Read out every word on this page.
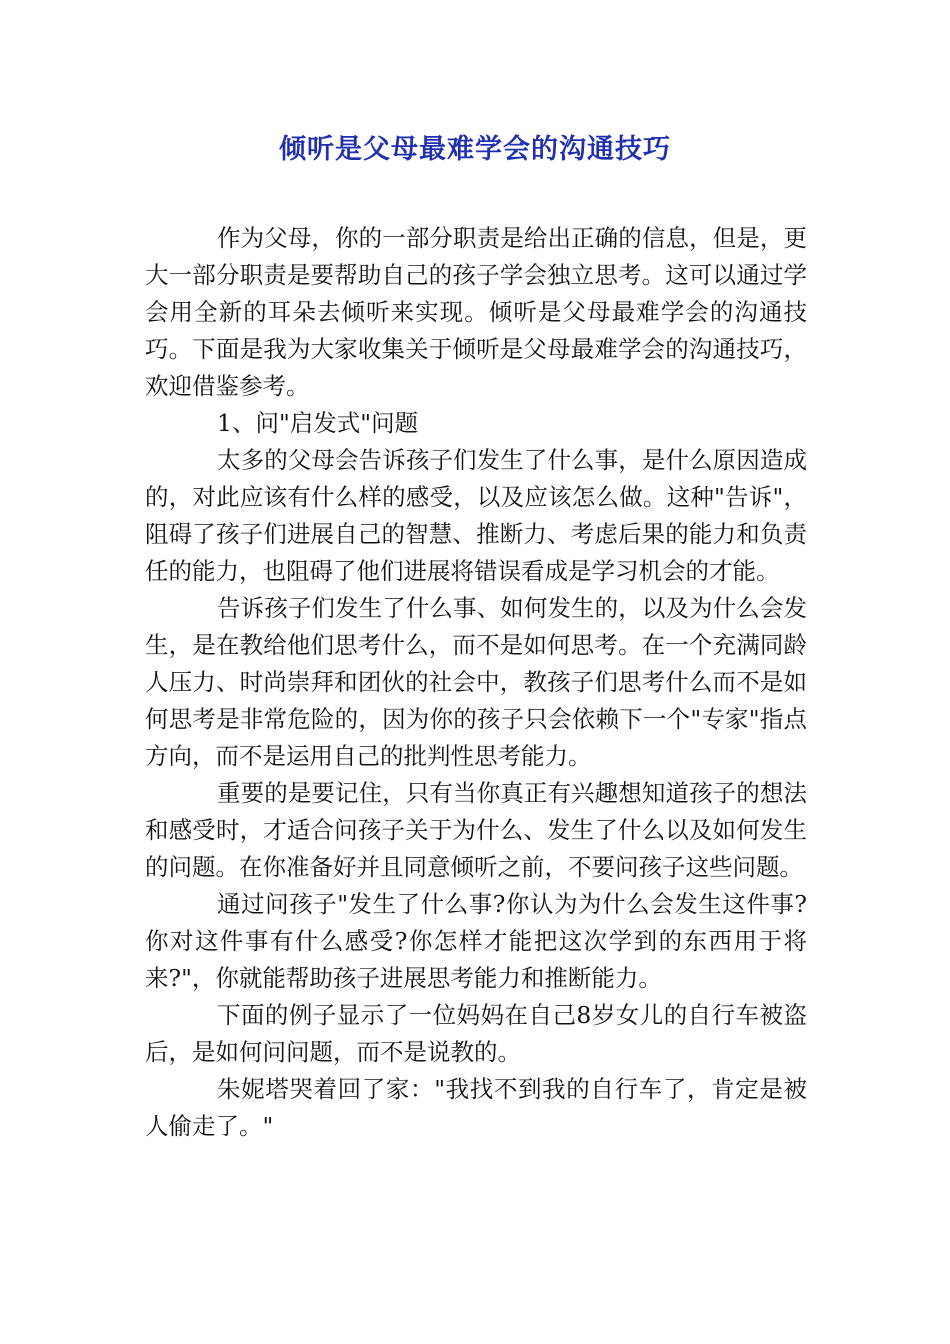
倾听是父母最难学会的沟通技巧

作为父母，你的一部分职责是给出正确的信息，但是，更大一部分职责是要帮助自己的孩子学会独立思考。这可以通过学会用全新的耳朵去倾听来实现。倾听是父母最难学会的沟通技巧。下面是我为大家收集关于倾听是父母最难学会的沟通技巧，欢迎借鉴参考。

1、问"启发式"问题

太多的父母会告诉孩子们发生了什么事，是什么原因造成的，对此应该有什么样的感受，以及应该怎么做。这种"告诉"，阻碍了孩子们进展自己的智慧、推断力、考虑后果的能力和负责任的能力，也阻碍了他们进展将错误看成是学习机会的才能。

告诉孩子们发生了什么事、如何发生的，以及为什么会发生，是在教给他们思考什么，而不是如何思考。在一个充满同龄人压力、时尚崇拜和团伙的社会中，教孩子们思考什么而不是如何思考是非常危险的，因为你的孩子只会依赖下一个"专家"指点方向，而不是运用自己的批判性思考能力。

重要的是要记住，只有当你真正有兴趣想知道孩子的想法和感受时，才适合问孩子关于为什么、发生了什么以及如何发生的问题。在你准备好并且同意倾听之前，不要问孩子这些问题。

通过问孩子"发生了什么事?你认为为什么会发生这件事?你对这件事有什么感受?你怎样才能把这次学到的东西用于将来?"，你就能帮助孩子进展思考能力和推断能力。

下面的例子显示了一位妈妈在自己8岁女儿的自行车被盗后，是如何问问题，而不是说教的。

朱妮塔哭着回了家："我找不到我的自行车了，肯定是被人偷走了。"
